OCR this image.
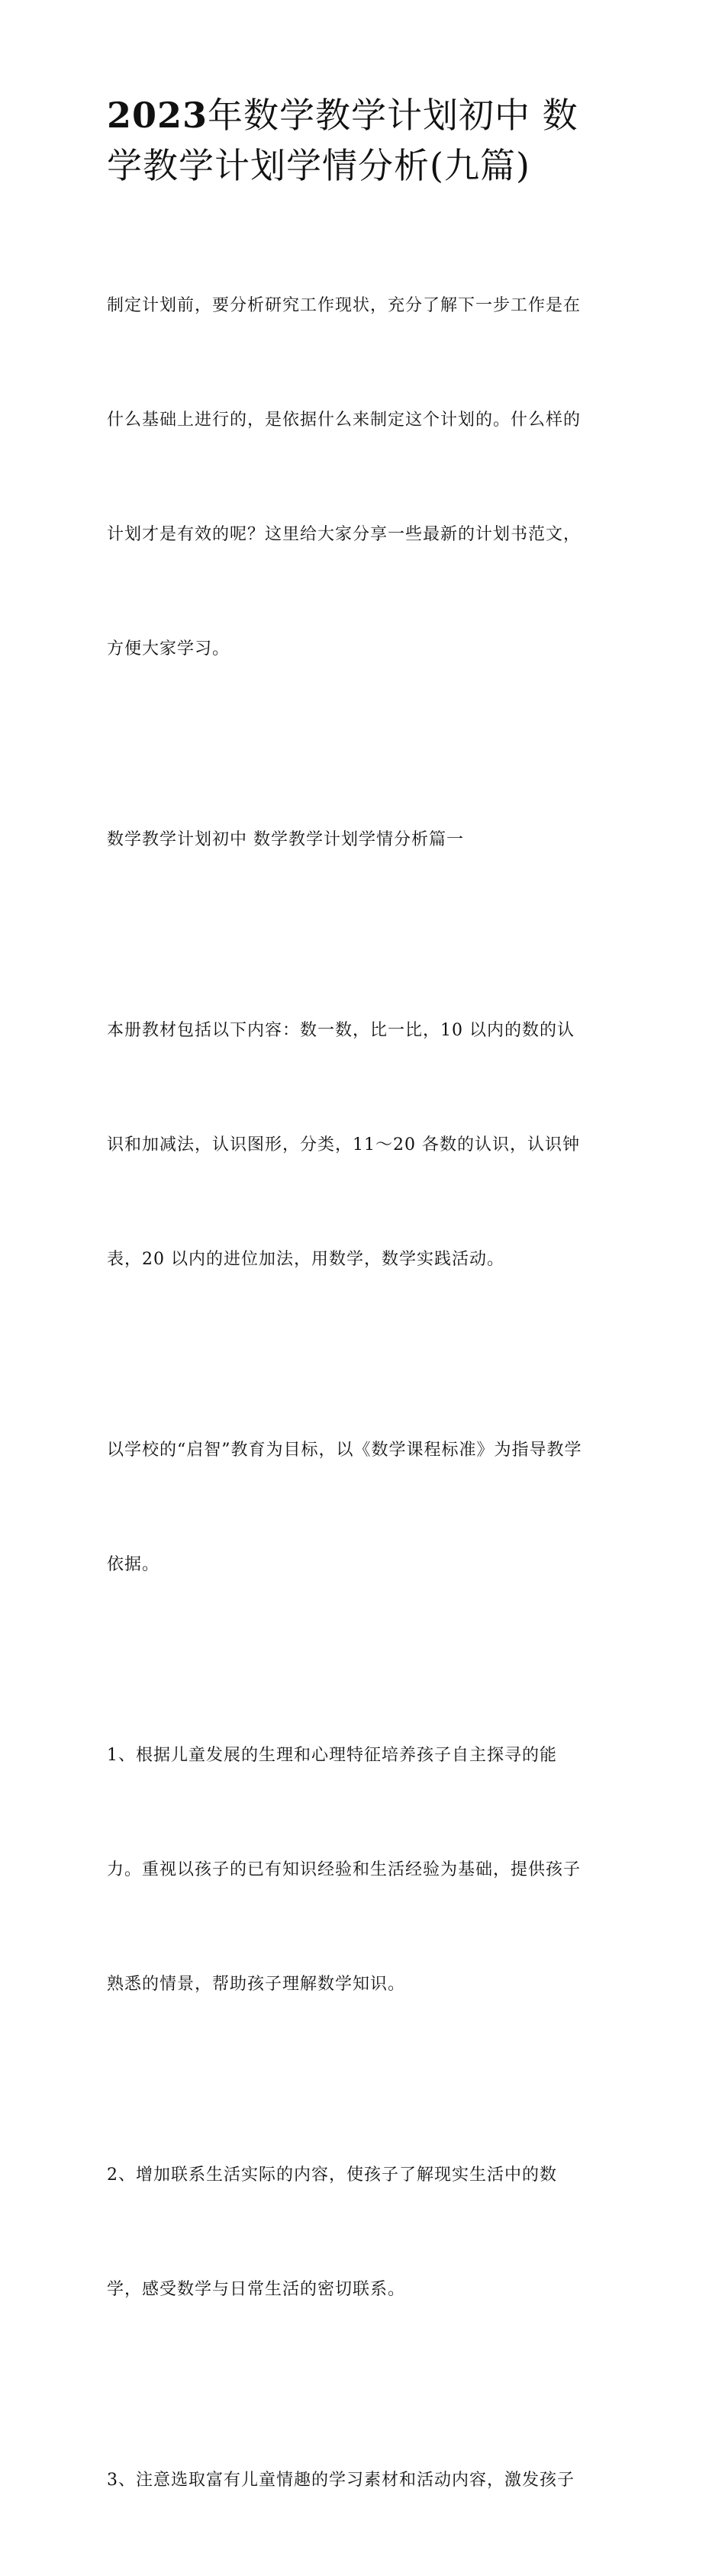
2023年数学教学计划初中 数
学教学计划学情分析(九篇)

制定计划前，要分析研究工作现状，充分了解下一步工作是在

什么基础上进行的，是依据什么来制定这个计划的。什么样的

计划才是有效的呢？这里给大家分享一些最新的计划书范文，

方便大家学习。

数学教学计划初中 数学教学计划学情分析篇一

本册教材包括以下内容：数一数，比一比，10 以内的数的认

识和加减法，认识图形，分类，11～20 各数的认识，认识钟

表，20 以内的进位加法，用数学，数学实践活动。

以学校的“启智”教育为目标，以《数学课程标准》为指导教学

依据。

1、根据儿童发展的生理和心理特征培养孩子自主探寻的能

力。重视以孩子的已有知识经验和生活经验为基础，提供孩子

熟悉的情景，帮助孩子理解数学知识。

2、增加联系生活实际的内容，使孩子了解现实生活中的数

学，感受数学与日常生活的密切联系。

3、注意选取富有儿童情趣的学习素材和活动内容，激发孩子
